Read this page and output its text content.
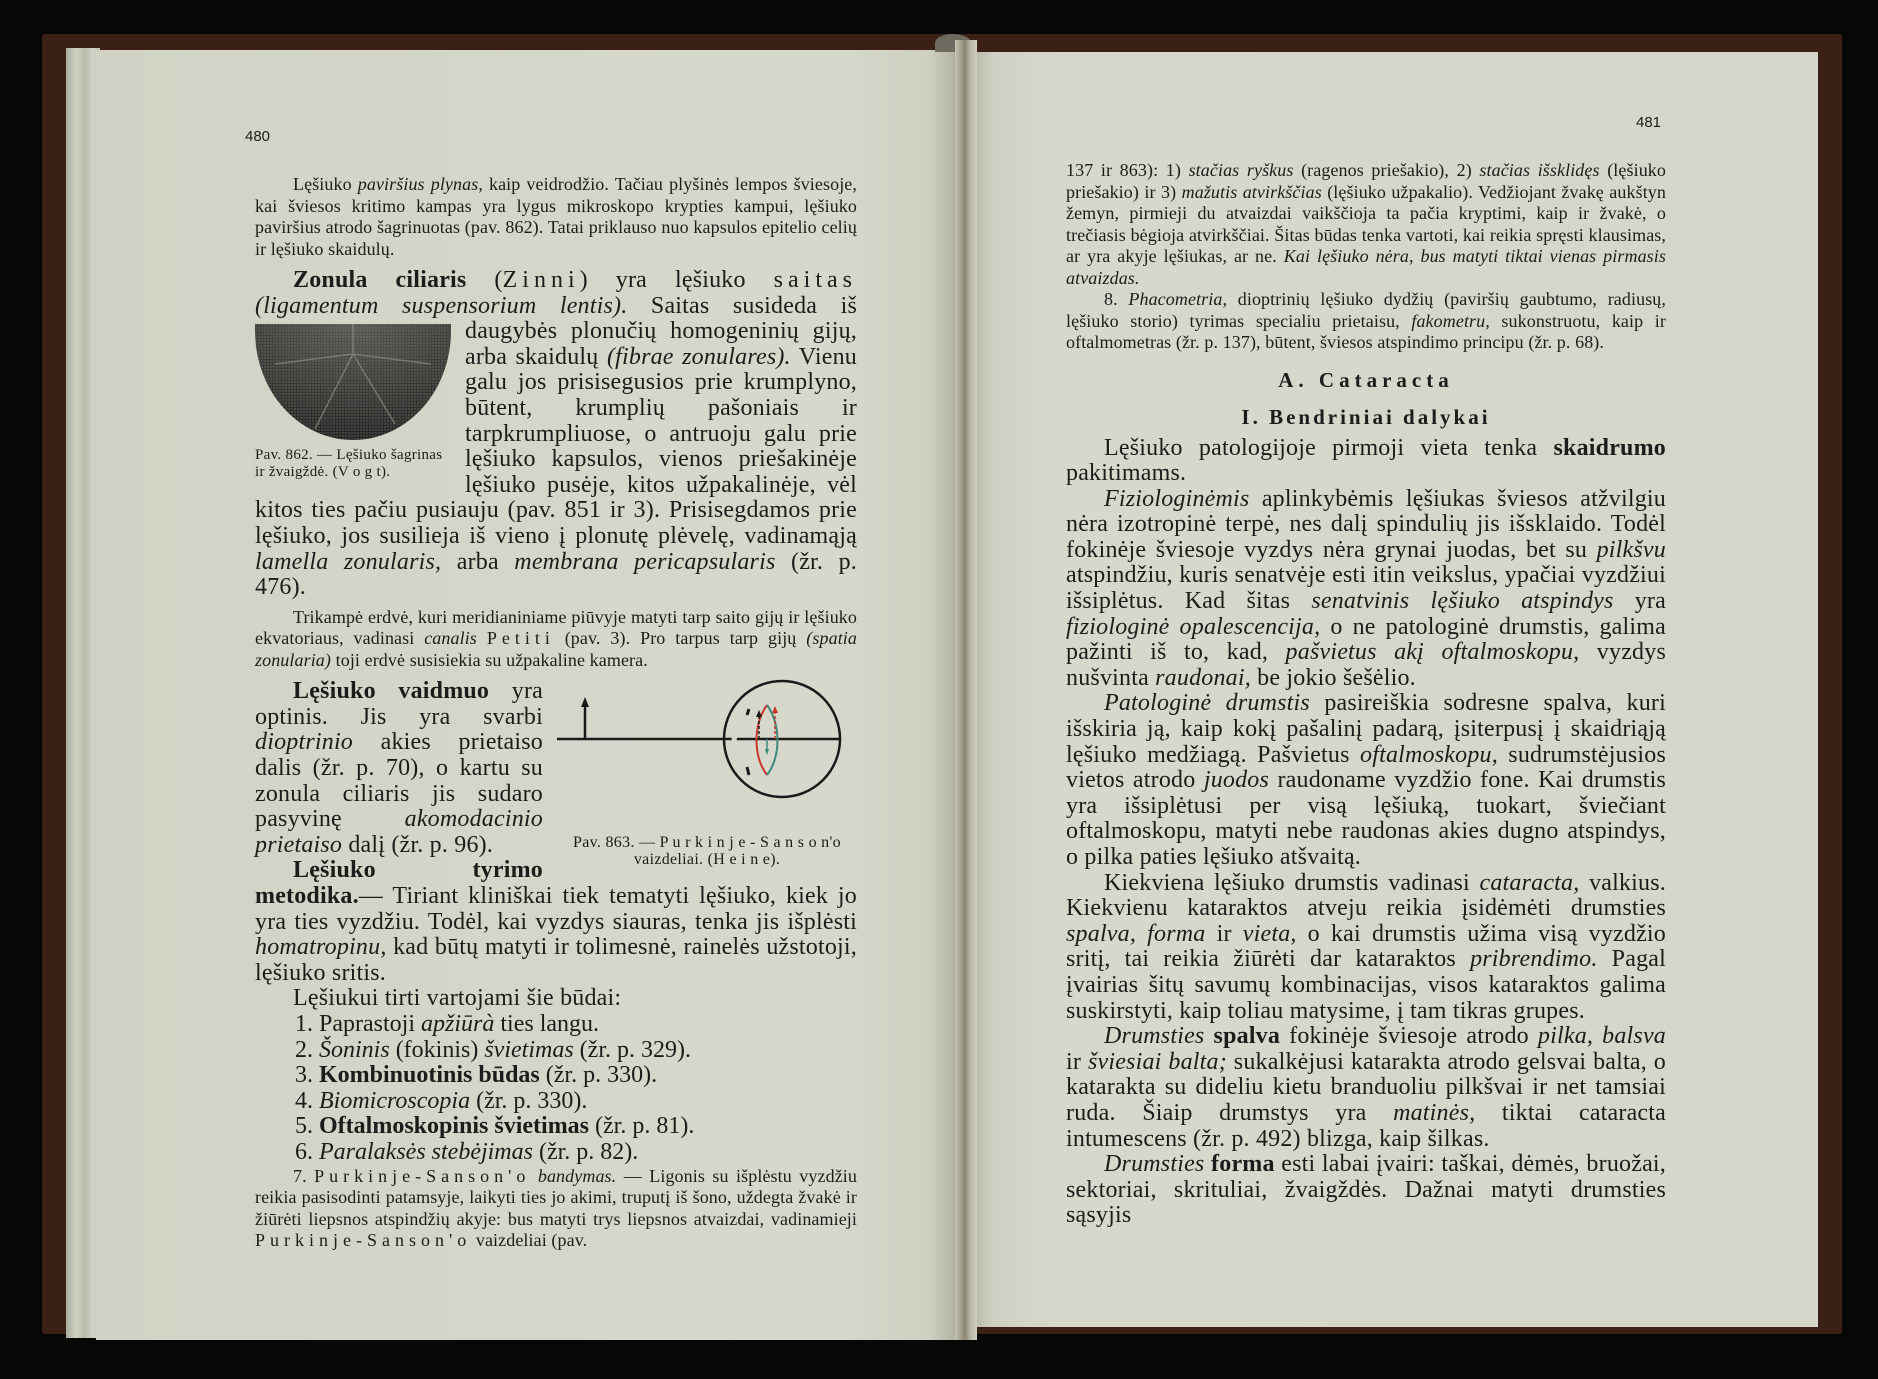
480

Lęšiuko paviršius plynas, kaip veidrodžio. Tačiau plyšinės lempos šviesoje, kai šviesos kritimo kampas yra lygus mikroskopo krypties kampui, lęšiuko paviršius atrodo šagrinuotas (pav. 862). Tatai priklauso nuo kapsulos epitelio celių ir lęšiuko skaidulų.

Pav. 862. — Lęšiuko šagrinas ir žvaigždė. (V o g t).

Zonula ciliaris (Zinni) yra lęšiuko saitas (ligamentum suspensorium lentis). Saitas susideda iš daugybės plonučių homogeninių gijų, arba skaidulų (fibrae zonulares). Vienu galu jos prisisegusios prie krumplyno, būtent, krumplių pašoniais ir tarpkrumpliuose, o antruoju galu prie lęšiuko kapsulos, vienos priešakinėje lęšiuko pusėje, kitos užpakalinėje, vėl kitos ties pačiu pusiauju (pav. 851 ir 3). Prisisegdamos prie lęšiuko, jos susilieja iš vieno į plonutę plėvelę, vadinamąją lamella zonularis, arba membrana pericapsularis (žr. p. 476).

Trikampė erdvė, kuri meridianiniame piūvyje matyti tarp saito gijų ir lęšiuko ekvatoriaus, vadinasi canalis Petiti (pav. 3). Pro tarpus tarp gijų (spatia zonularia) toji erdvė susisiekia su užpakaline kamera.

Pav. 863. — P u r k i n j e - S a n s o n'o vaizdeliai. (H e i n e).

Lęšiuko vaidmuo yra optinis. Jis yra svarbi dioptrinio akies prietaiso dalis (žr. p. 70), o kartu su zonula ciliaris jis sudaro pasyvinę akomodacinio prietaiso dalį (žr. p. 96).

Lęšiuko tyrimo metodika.— Tiriant kliniškai tiek tematyti lęšiuko, kiek jo yra ties vyzdžiu. Todėl, kai vyzdys siauras, tenka jis išplėsti homatropinu, kad būtų matyti ir tolimesnė, rainelės užstotoji, lęšiuko sritis.

Lęšiukui tirti vartojami šie būdai:

1. Paprastoji apžiūrà ties langu.
2. Šoninis (fokinis) švietimas (žr. p. 329).
3. Kombinuotinis būdas (žr. p. 330).
4. Biomicroscopia (žr. p. 330).
5. Oftalmoskopinis švietimas (žr. p. 81).
6. Paralaksės stebėjimas (žr. p. 82).

7. Purkinje-Sanson'o bandymas. — Ligonis su išplėstu vyzdžiu reikia pasisodinti patamsyje, laikyti ties jo akimi, truputį iš šono, uždegta žvakė ir žiūrėti liepsnos atspindžių akyje: bus matyti trys liepsnos atvaizdai, vadinamieji Purkinje-Sanson'o vaizdeliai (pav.

481

137 ir 863): 1) stačias ryškus (ragenos priešakio), 2) stačias išsklidęs (lęšiuko priešakio) ir 3) mažutis atvirkščias (lęšiuko užpakalio). Vedžiojant žvakę aukštyn žemyn, pirmieji du atvaizdai vaikščioja ta pačia kryptimi, kaip ir žvakė, o trečiasis bėgioja atvirkščiai. Šitas būdas tenka vartoti, kai reikia spręsti klausimas, ar yra akyje lęšiukas, ar ne. Kai lęšiuko nėra, bus matyti tiktai vienas pirmasis atvaizdas.

8. Phacometria, dioptrinių lęšiuko dydžių (paviršių gaubtumo, radiusų, lęšiuko storio) tyrimas specialiu prietaisu, fakometru, sukonstruotu, kaip ir oftalmometras (žr. p. 137), būtent, šviesos atspindimo principu (žr. p. 68).

A. Cataracta
I. Bendriniai dalykai

Lęšiuko patologijoje pirmoji vieta tenka skaidrumo pakitimams.

Fiziologinėmis aplinkybėmis lęšiukas šviesos atžvilgiu nėra izotropinė terpė, nes dalį spindulių jis išsklaido. Todėl fokinėje šviesoje vyzdys nėra grynai juodas, bet su pilkšvu atspindžiu, kuris senatvėje esti itin veikslus, ypačiai vyzdžiui išsiplėtus. Kad šitas senatvinis lęšiuko atspindys yra fiziologinė opalescencija, o ne patologinė drumstis, galima pažinti iš to, kad, pašvietus akį oftalmoskopu, vyzdys nušvinta raudonai, be jokio šešėlio.

Patologinė drumstis pasireiškia sodresne spalva, kuri išskiria ją, kaip kokį pašalinį padarą, įsiterpusį į skaidriąją lęšiuko medžiagą. Pašvietus oftalmoskopu, sudrumstėjusios vietos atrodo juodos raudoname vyzdžio fone. Kai drumstis yra išsiplėtusi per visą lęšiuką, tuokart, šviečiant oftalmoskopu, matyti nebe raudonas akies dugno atspindys, o pilka paties lęšiuko atšvaitą.

Kiekviena lęšiuko drumstis vadinasi cataracta, valkius. Kiekvienu kataraktos atveju reikia įsidėmėti drumsties spalva, forma ir vieta, o kai drumstis užima visą vyzdžio sritį, tai reikia žiūrėti dar kataraktos pribrendimo. Pagal įvairias šitų savumų kombinacijas, visos kataraktos galima suskirstyti, kaip toliau matysime, į tam tikras grupes.

Drumsties spalva fokinėje šviesoje atrodo pilka, balsva ir šviesiai balta; sukalkėjusi katarakta atrodo gelsvai balta, o katarakta su dideliu kietu branduoliu pilkšvai ir net tamsiai ruda. Šiaip drumstys yra matinės, tiktai cataracta intumescens (žr. p. 492) blizga, kaip šilkas.

Drumsties forma esti labai įvairi: taškai, dėmės, bruožai, sektoriai, skrituliai, žvaigždės. Dažnai matyti drumsties sąsyjis
